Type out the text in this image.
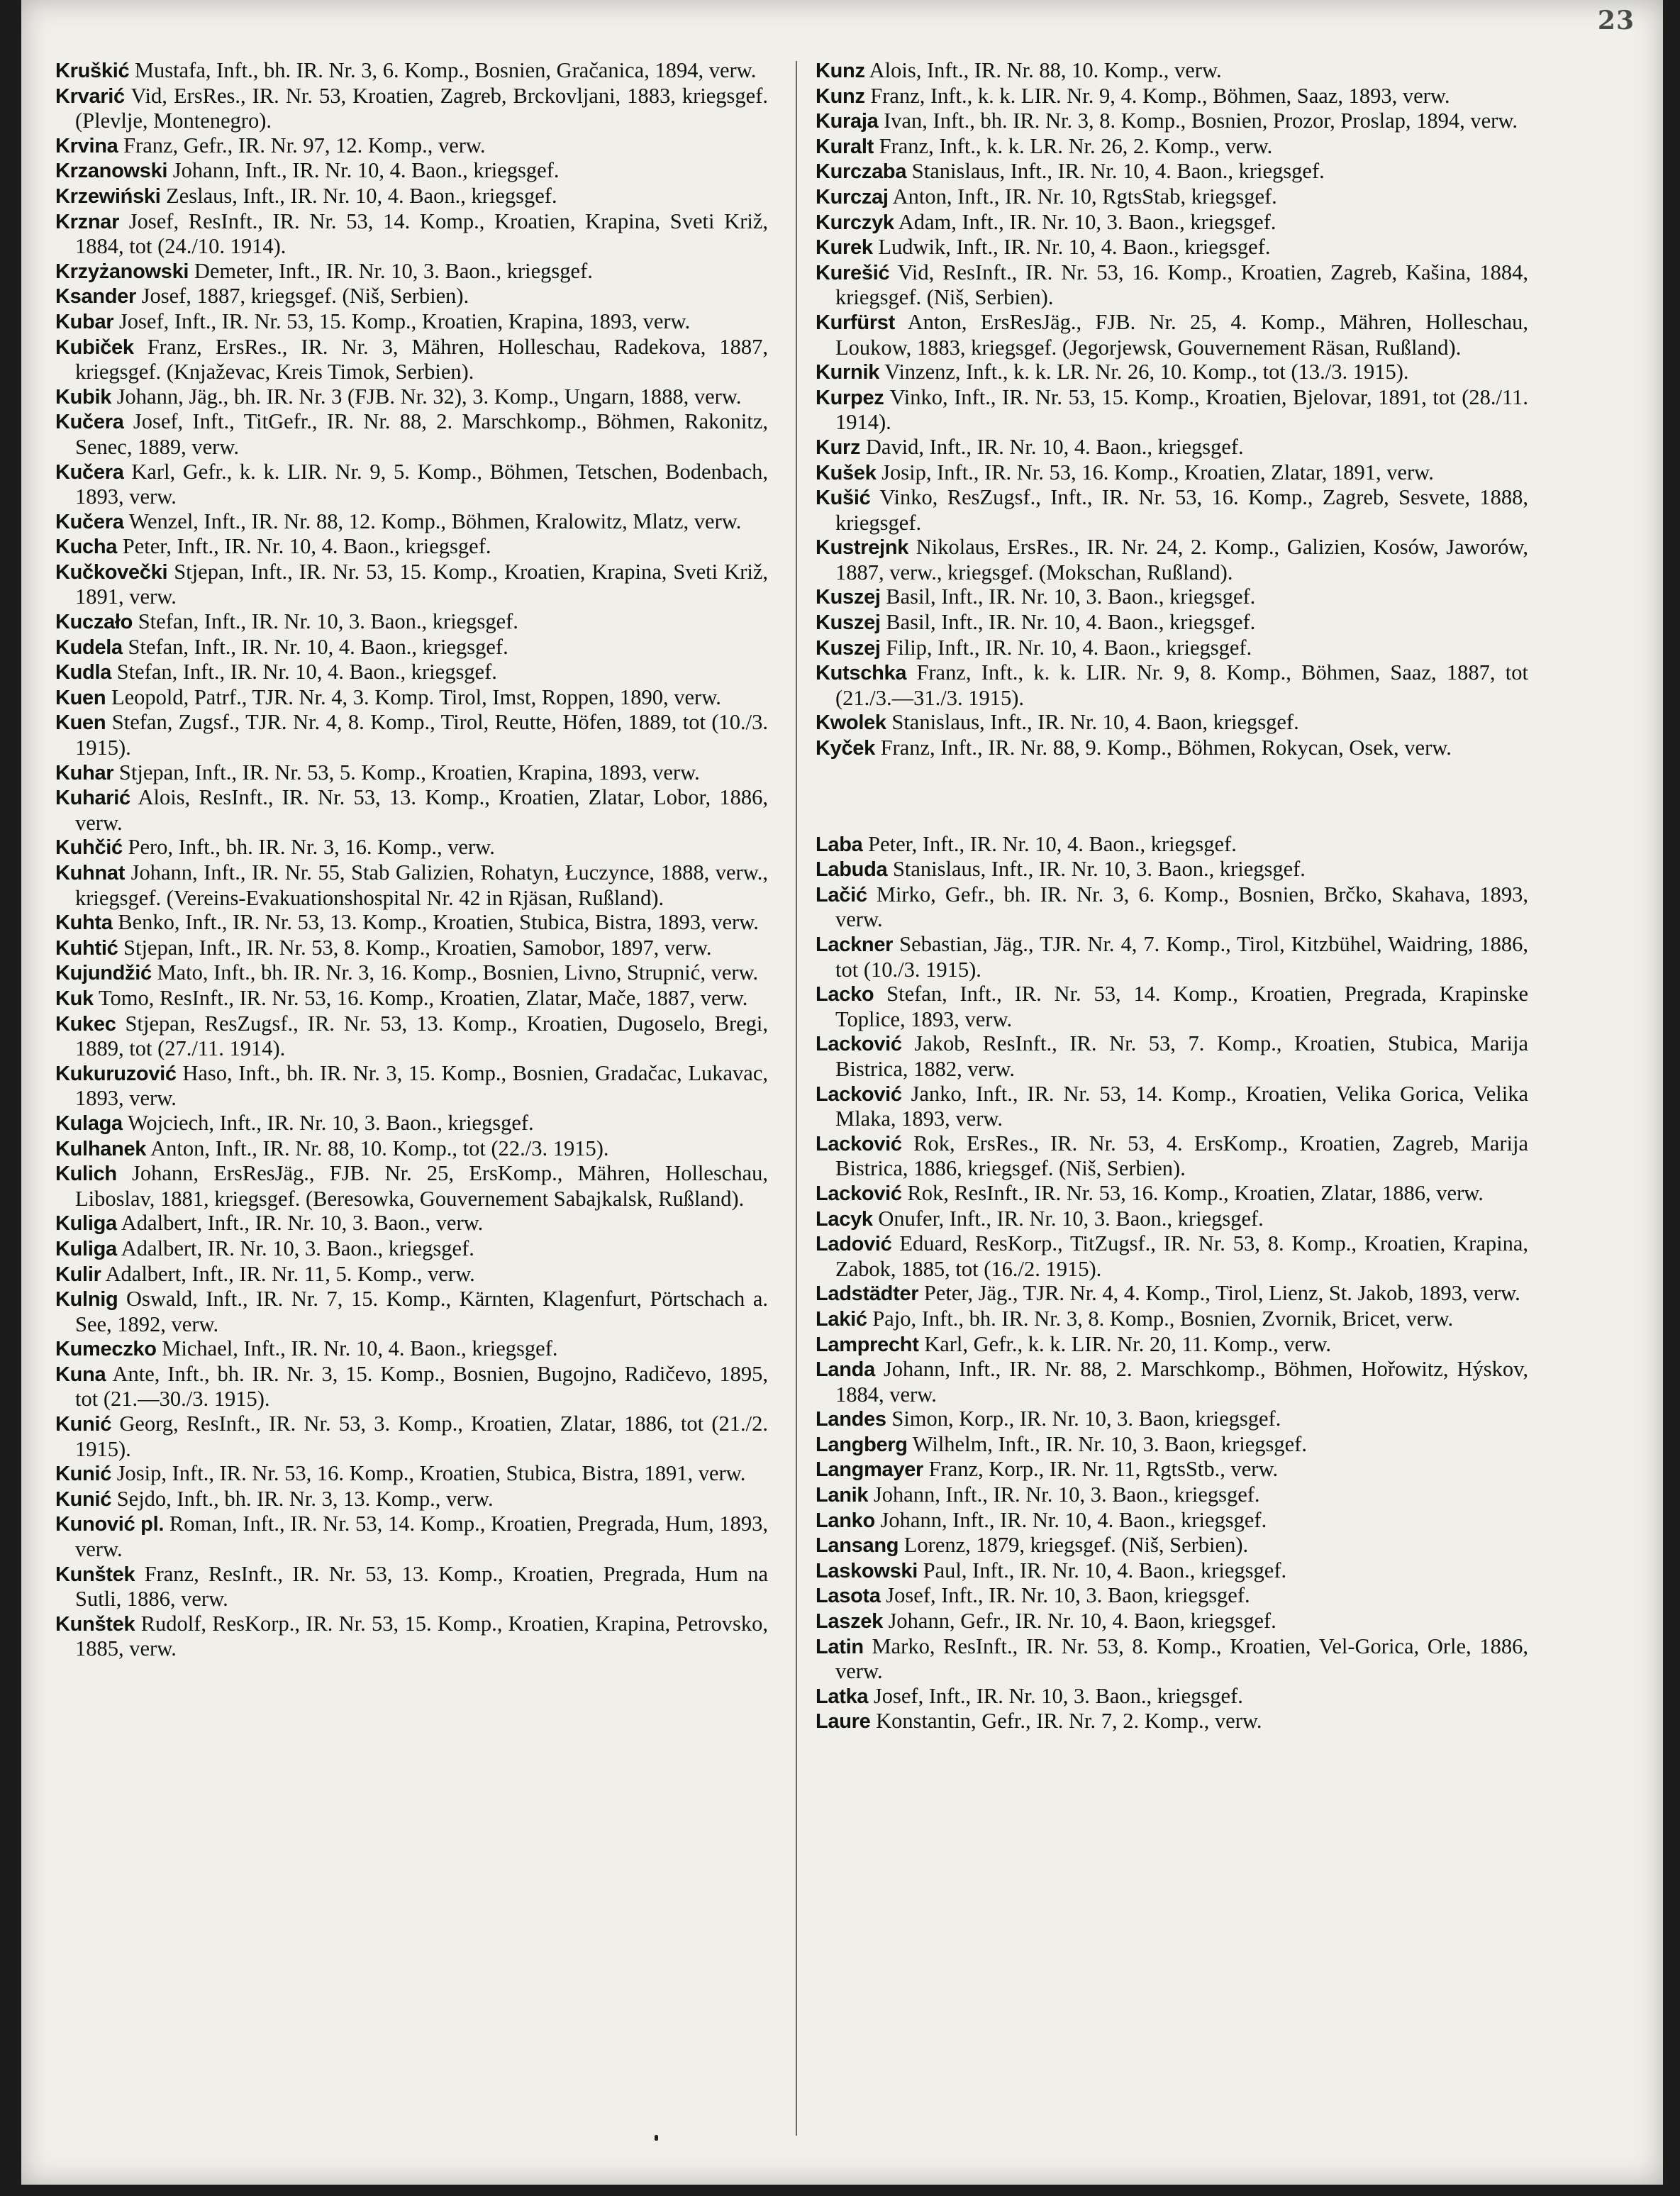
23

Kruškić Mustafa, Inft., bh. IR. Nr. 3, 6. Komp., Bosnien, Gračanica, 1894, verw.

Krvarić Vid, ErsRes., IR. Nr. 53, Kroatien, Zagreb, Brckovljani, 1883, kriegsgef. (Plevlje, Montenegro).

Krvina Franz, Gefr., IR. Nr. 97, 12. Komp., verw.

Krzanowski Johann, Inft., IR. Nr. 10, 4. Baon., kriegsgef.

Krzewiński Zeslaus, Inft., IR. Nr. 10, 4. Baon., kriegsgef.

Krznar Josef, ResInft., IR. Nr. 53, 14. Komp., Kroatien, Krapina, Sveti Križ, 1884, tot (24./10. 1914).

Krzyżanowski Demeter, Inft., IR. Nr. 10, 3. Baon., kriegsgef.

Ksander Josef, 1887, kriegsgef. (Niš, Serbien).

Kubar Josef, Inft., IR. Nr. 53, 15. Komp., Kroatien, Krapina, 1893, verw.

Kubiček Franz, ErsRes., IR. Nr. 3, Mähren, Holleschau, Radekova, 1887, kriegsgef. (Knjaževac, Kreis Timok, Serbien).

Kubik Johann, Jäg., bh. IR. Nr. 3 (FJB. Nr. 32), 3. Komp., Ungarn, 1888, verw.

Kučera Josef, Inft., TitGefr., IR. Nr. 88, 2. Marschkomp., Böhmen, Rakonitz, Senec, 1889, verw.

Kučera Karl, Gefr., k. k. LIR. Nr. 9, 5. Komp., Böhmen, Tetschen, Bodenbach, 1893, verw.

Kučera Wenzel, Inft., IR. Nr. 88, 12. Komp., Böhmen, Kralowitz, Mlatz, verw.

Kucha Peter, Inft., IR. Nr. 10, 4. Baon., kriegsgef.

Kučkovečki Stjepan, Inft., IR. Nr. 53, 15. Komp., Kroatien, Krapina, Sveti Križ, 1891, verw.

Kuczało Stefan, Inft., IR. Nr. 10, 3. Baon., kriegsgef.

Kudela Stefan, Inft., IR. Nr. 10, 4. Baon., kriegsgef.

Kudla Stefan, Inft., IR. Nr. 10, 4. Baon., kriegsgef.

Kuen Leopold, Patrf., TJR. Nr. 4, 3. Komp. Tirol, Imst, Roppen, 1890, verw.

Kuen Stefan, Zugsf., TJR. Nr. 4, 8. Komp., Tirol, Reutte, Höfen, 1889, tot (10./3. 1915).

Kuhar Stjepan, Inft., IR. Nr. 53, 5. Komp., Kroatien, Krapina, 1893, verw.

Kuharić Alois, ResInft., IR. Nr. 53, 13. Komp., Kroatien, Zlatar, Lobor, 1886, verw.

Kuhčić Pero, Inft., bh. IR. Nr. 3, 16. Komp., verw.

Kuhnat Johann, Inft., IR. Nr. 55, Stab Galizien, Rohatyn, Łuczynce, 1888, verw., kriegsgef. (Vereins-Evakuationshospital Nr. 42 in Rjäsan, Rußland).

Kuhta Benko, Inft., IR. Nr. 53, 13. Komp., Kroatien, Stubica, Bistra, 1893, verw.

Kuhtić Stjepan, Inft., IR. Nr. 53, 8. Komp., Kroatien, Samobor, 1897, verw.

Kujundžić Mato, Inft., bh. IR. Nr. 3, 16. Komp., Bosnien, Livno, Strupnić, verw.

Kuk Tomo, ResInft., IR. Nr. 53, 16. Komp., Kroatien, Zlatar, Mače, 1887, verw.

Kukec Stjepan, ResZugsf., IR. Nr. 53, 13. Komp., Kroatien, Dugoselo, Bregi, 1889, tot (27./11. 1914).

Kukuruzović Haso, Inft., bh. IR. Nr. 3, 15. Komp., Bosnien, Gradačac, Lukavac, 1893, verw.

Kulaga Wojciech, Inft., IR. Nr. 10, 3. Baon., kriegsgef.

Kulhanek Anton, Inft., IR. Nr. 88, 10. Komp., tot (22./3. 1915).

Kulich Johann, ErsResJäg., FJB. Nr. 25, ErsKomp., Mähren, Holleschau, Liboslav, 1881, kriegsgef. (Beresowka, Gouvernement Sabajkalsk, Rußland).

Kuliga Adalbert, Inft., IR. Nr. 10, 3. Baon., verw.

Kuliga Adalbert, IR. Nr. 10, 3. Baon., kriegsgef.

Kulir Adalbert, Inft., IR. Nr. 11, 5. Komp., verw.

Kulnig Oswald, Inft., IR. Nr. 7, 15. Komp., Kärnten, Klagenfurt, Pörtschach a. See, 1892, verw.

Kumeczko Michael, Inft., IR. Nr. 10, 4. Baon., kriegsgef.

Kuna Ante, Inft., bh. IR. Nr. 3, 15. Komp., Bosnien, Bugojno, Radičevo, 1895, tot (21.—30./3. 1915).

Kunić Georg, ResInft., IR. Nr. 53, 3. Komp., Kroatien, Zlatar, 1886, tot (21./2. 1915).

Kunić Josip, Inft., IR. Nr. 53, 16. Komp., Kroatien, Stubica, Bistra, 1891, verw.

Kunić Sejdo, Inft., bh. IR. Nr. 3, 13. Komp., verw.

Kunović pl. Roman, Inft., IR. Nr. 53, 14. Komp., Kroatien, Pregrada, Hum, 1893, verw.

Kunštek Franz, ResInft., IR. Nr. 53, 13. Komp., Kroatien, Pregrada, Hum na Sutli, 1886, verw.

Kunštek Rudolf, ResKorp., IR. Nr. 53, 15. Komp., Kroatien, Krapina, Petrovsko, 1885, verw.

Kunz Alois, Inft., IR. Nr. 88, 10. Komp., verw.

Kunz Franz, Inft., k. k. LIR. Nr. 9, 4. Komp., Böhmen, Saaz, 1893, verw.

Kuraja Ivan, Inft., bh. IR. Nr. 3, 8. Komp., Bosnien, Prozor, Proslap, 1894, verw.

Kuralt Franz, Inft., k. k. LR. Nr. 26, 2. Komp., verw.

Kurczaba Stanislaus, Inft., IR. Nr. 10, 4. Baon., kriegsgef.

Kurczaj Anton, Inft., IR. Nr. 10, RgtsStab, kriegsgef.

Kurczyk Adam, Inft., IR. Nr. 10, 3. Baon., kriegsgef.

Kurek Ludwik, Inft., IR. Nr. 10, 4. Baon., kriegsgef.

Kurešić Vid, ResInft., IR. Nr. 53, 16. Komp., Kroatien, Zagreb, Kašina, 1884, kriegsgef. (Niš, Serbien).

Kurfürst Anton, ErsResJäg., FJB. Nr. 25, 4. Komp., Mähren, Holleschau, Loukow, 1883, kriegsgef. (Jegorjewsk, Gouvernement Räsan, Rußland).

Kurnik Vinzenz, Inft., k. k. LR. Nr. 26, 10. Komp., tot (13./3. 1915).

Kurpez Vinko, Inft., IR. Nr. 53, 15. Komp., Kroatien, Bjelovar, 1891, tot (28./11. 1914).

Kurz David, Inft., IR. Nr. 10, 4. Baon., kriegsgef.

Kušek Josip, Inft., IR. Nr. 53, 16. Komp., Kroatien, Zlatar, 1891, verw.

Kušić Vinko, ResZugsf., Inft., IR. Nr. 53, 16. Komp., Zagreb, Sesvete, 1888, kriegsgef.

Kustrejnk Nikolaus, ErsRes., IR. Nr. 24, 2. Komp., Galizien, Kosów, Jaworów, 1887, verw., kriegsgef. (Mokschan, Rußland).

Kuszej Basil, Inft., IR. Nr. 10, 3. Baon., kriegsgef.

Kuszej Basil, Inft., IR. Nr. 10, 4. Baon., kriegsgef.

Kuszej Filip, Inft., IR. Nr. 10, 4. Baon., kriegsgef.

Kutschka Franz, Inft., k. k. LIR. Nr. 9, 8. Komp., Böhmen, Saaz, 1887, tot (21./3.—31./3. 1915).

Kwolek Stanislaus, Inft., IR. Nr. 10, 4. Baon, kriegsgef.

Kyček Franz, Inft., IR. Nr. 88, 9. Komp., Böhmen, Rokycan, Osek, verw.

Laba Peter, Inft., IR. Nr. 10, 4. Baon., kriegsgef.

Labuda Stanislaus, Inft., IR. Nr. 10, 3. Baon., kriegsgef.

Lačić Mirko, Gefr., bh. IR. Nr. 3, 6. Komp., Bosnien, Brčko, Skahava, 1893, verw.

Lackner Sebastian, Jäg., TJR. Nr. 4, 7. Komp., Tirol, Kitzbühel, Waidring, 1886, tot (10./3. 1915).

Lacko Stefan, Inft., IR. Nr. 53, 14. Komp., Kroatien, Pregrada, Krapinske Toplice, 1893, verw.

Lacković Jakob, ResInft., IR. Nr. 53, 7. Komp., Kroatien, Stubica, Marija Bistrica, 1882, verw.

Lacković Janko, Inft., IR. Nr. 53, 14. Komp., Kroatien, Velika Gorica, Velika Mlaka, 1893, verw.

Lacković Rok, ErsRes., IR. Nr. 53, 4. ErsKomp., Kroatien, Zagreb, Marija Bistrica, 1886, kriegsgef. (Niš, Serbien).

Lacković Rok, ResInft., IR. Nr. 53, 16. Komp., Kroatien, Zlatar, 1886, verw.

Lacyk Onufer, Inft., IR. Nr. 10, 3. Baon., kriegsgef.

Ladović Eduard, ResKorp., TitZugsf., IR. Nr. 53, 8. Komp., Kroatien, Krapina, Zabok, 1885, tot (16./2. 1915).

Ladstädter Peter, Jäg., TJR. Nr. 4, 4. Komp., Tirol, Lienz, St. Jakob, 1893, verw.

Lakić Pajo, Inft., bh. IR. Nr. 3, 8. Komp., Bosnien, Zvornik, Bricet, verw.

Lamprecht Karl, Gefr., k. k. LIR. Nr. 20, 11. Komp., verw.

Landa Johann, Inft., IR. Nr. 88, 2. Marschkomp., Böhmen, Hořowitz, Hýskov, 1884, verw.

Landes Simon, Korp., IR. Nr. 10, 3. Baon, kriegsgef.

Langberg Wilhelm, Inft., IR. Nr. 10, 3. Baon, kriegsgef.

Langmayer Franz, Korp., IR. Nr. 11, RgtsStb., verw.

Lanik Johann, Inft., IR. Nr. 10, 3. Baon., kriegsgef.

Lanko Johann, Inft., IR. Nr. 10, 4. Baon., kriegsgef.

Lansang Lorenz, 1879, kriegsgef. (Niš, Serbien).

Laskowski Paul, Inft., IR. Nr. 10, 4. Baon., kriegsgef.

Lasota Josef, Inft., IR. Nr. 10, 3. Baon, kriegsgef.

Laszek Johann, Gefr., IR. Nr. 10, 4. Baon, kriegsgef.

Latin Marko, ResInft., IR. Nr. 53, 8. Komp., Kroatien, Vel-Gorica, Orle, 1886, verw.

Latka Josef, Inft., IR. Nr. 10, 3. Baon., kriegsgef.

Laure Konstantin, Gefr., IR. Nr. 7, 2. Komp., verw.
